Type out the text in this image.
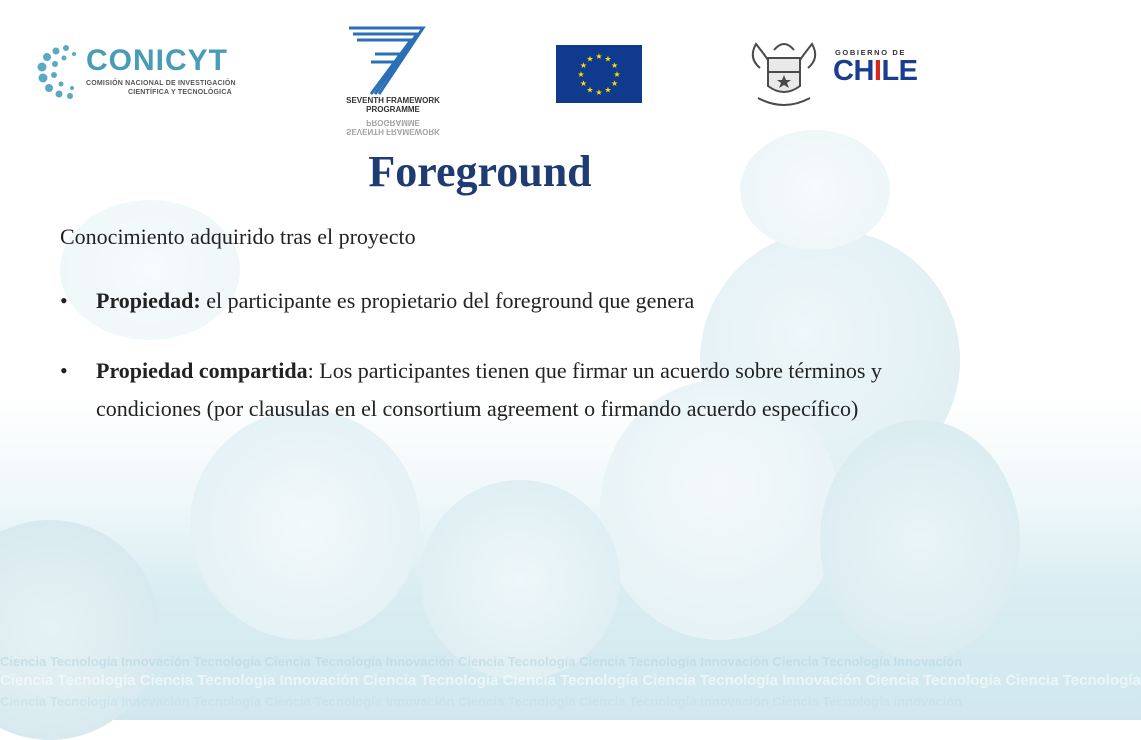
CONICYT
COMISIÓN NACIONAL DE INVESTIGACIÓN
CIENTÍFICA Y TECNOLÓGICA
SEVENTH FRAMEWORK
PROGRAMME
SEVENTH FRAMEWORK
PROGRAMME
★ ★
★
★
★
★
★
★
★
★
★
★
GOBIERNO DE
CHILE
Foreground

Conocimiento adquirido tras el proyecto

• Propiedad: el participante es propietario del foreground que genera
• Propiedad compartida: Los participantes tienen que firmar un acuerdo sobre términos y condiciones (por clausulas en el consortium agreement o firmando acuerdo específico)
Ciencia Tecnología Innovación Tecnología Ciencia Tecnología Innovación Ciencia Tecnología Ciencia Tecnología Innovación Ciencia Tecnología Innovación
Ciencia Tecnología Ciencia Tecnología Innovación Ciencia Tecnología Ciencia Tecnología Ciencia Tecnología Innovación Ciencia Tecnología Ciencia Tecnología
Ciencia Tecnología Innovación Tecnología Ciencia Tecnología Innovación Ciencia Tecnología Ciencia Tecnología Innovación Ciencia Tecnología Innovación
